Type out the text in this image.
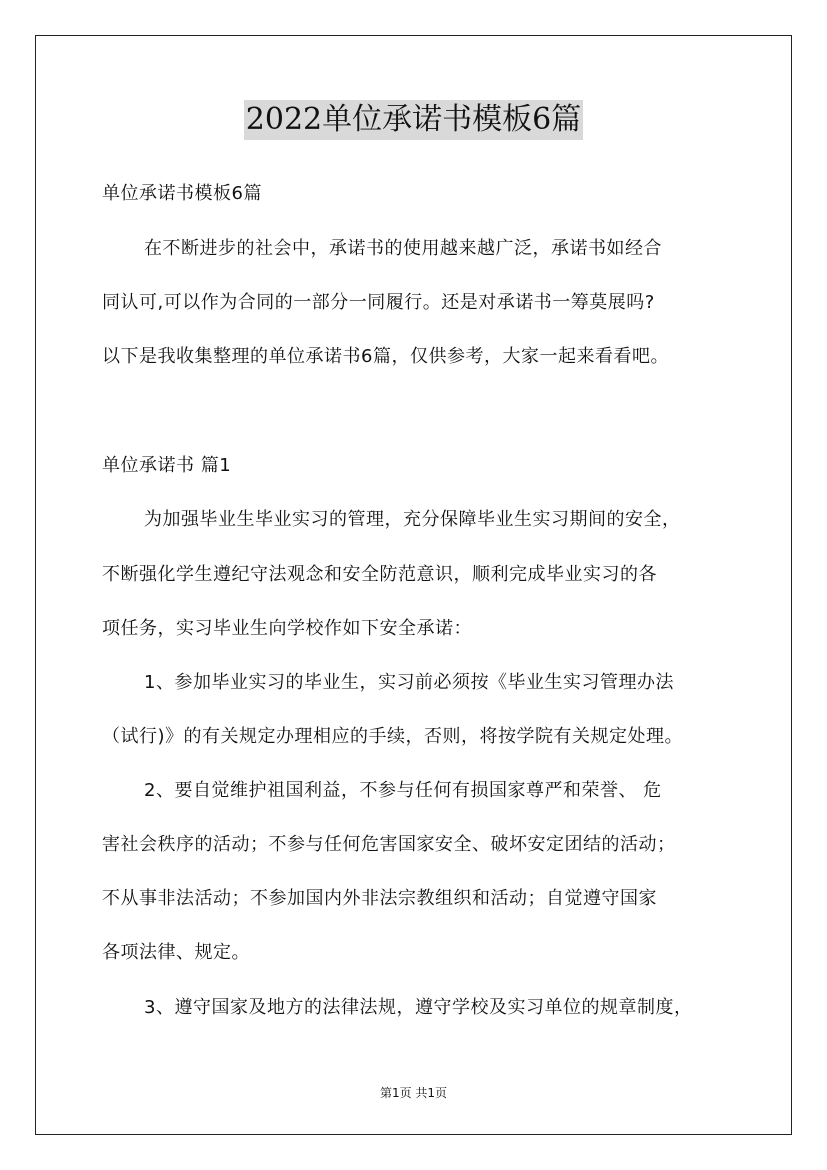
2022单位承诺书模板6篇
单位承诺书模板6篇
在不断进步的社会中，承诺书的使用越来越广泛，承诺书如经合
同认可,可以作为合同的一部分一同履行。还是对承诺书一筹莫展吗?
以下是我收集整理的单位承诺书6篇，仅供参考，大家一起来看看吧。
单位承诺书 篇1
为加强毕业生毕业实习的管理，充分保障毕业生实习期间的安全，
不断强化学生遵纪守法观念和安全防范意识，顺利完成毕业实习的各
项任务，实习毕业生向学校作如下安全承诺：
1、参加毕业实习的毕业生，实习前必须按《毕业生实习管理办法
（试行)》的有关规定办理相应的手续，否则，将按学院有关规定处理。
2、要自觉维护祖国利益，不参与任何有损国家尊严和荣誉、 危
害社会秩序的活动；不参与任何危害国家安全、破坏安定团结的活动；
不从事非法活动；不参加国内外非法宗教组织和活动；自觉遵守国家
各项法律、规定。
3、遵守国家及地方的法律法规，遵守学校及实习单位的规章制度，
第1页 共1页
